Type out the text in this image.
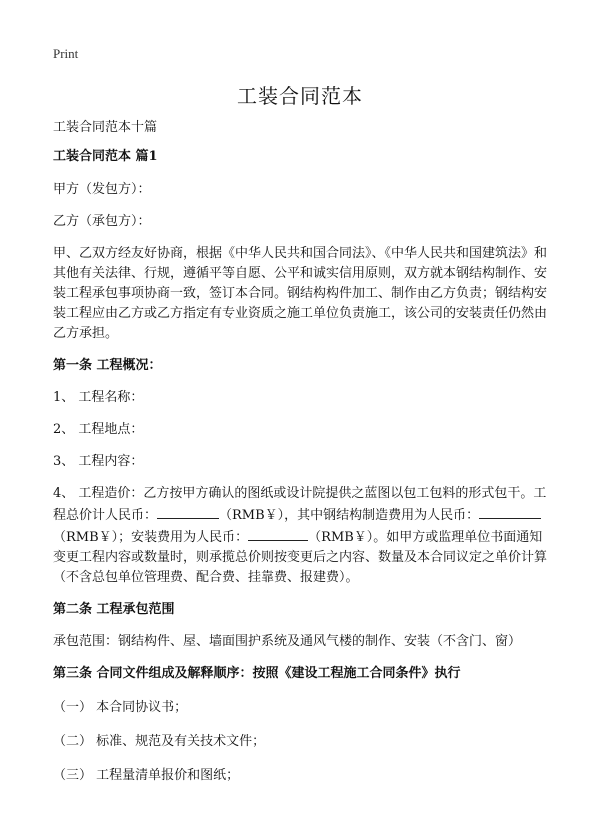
Print
工装合同范本

工装合同范本十篇

工装合同范本 篇1

甲方（发包方）：

乙方（承包方）：

甲、乙双方经友好协商，根据《中华人民共和国合同法》、《中华人民共和国建筑法》和其他有关法律、行规，遵循平等自愿、公平和诚实信用原则，双方就本钢结构制作、安装工程承包事项协商一致，签订本合同。钢结构构件加工、制作由乙方负责；钢结构安装工程应由乙方或乙方指定有专业资质之施工单位负责施工，该公司的安装责任仍然由乙方承担。

第一条 工程概况：

1、 工程名称：

2、 工程地点：

3、 工程内容：

4、 工程造价：乙方按甲方确认的图纸或设计院提供之蓝图以包工包料的形式包干。工程总价计人民币：	（RMB￥），其中钢结构制造费用为人民币：（RMB￥）；安装费用为人民币：	（RMB￥）。如甲方或监理单位书面通知变更工程内容或数量时，则承揽总价则按变更后之内容、数量及本合同议定之单价计算（不含总包单位管理费、配合费、挂靠费、报建费）。

第二条 工程承包范围

承包范围：钢结构件、屋、墙面围护系统及通风气楼的制作、安装（不含门、窗）

第三条 合同文件组成及解释顺序：按照《建设工程施工合同条件》执行

（一） 本合同协议书；

（二） 标准、规范及有关技术文件；

（三） 工程量清单报价和图纸；
